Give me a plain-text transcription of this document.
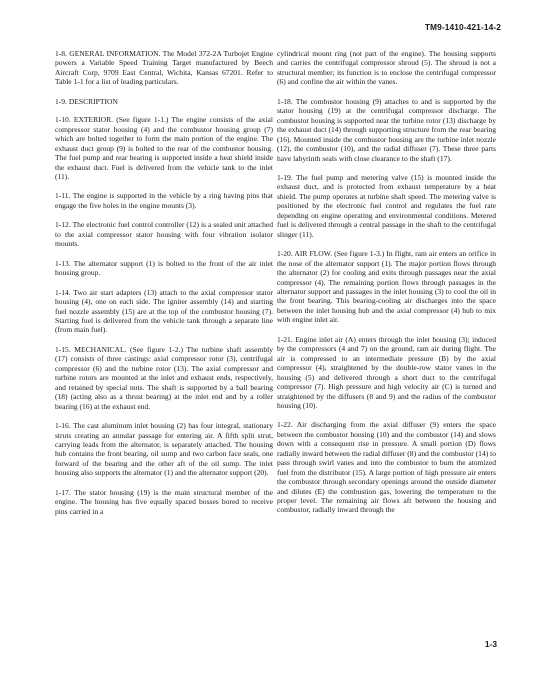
TM9-1410-421-14-2

1-8. GENERAL INFORMATION. The Model 372-2A Turbojet Engine powers a Variable Speed Training Target manufactured by Beech Aircraft Corp, 9709 East Central, Wichita, Kansas 67201. Refer to Table 1-1 for a list of leading particulars.

1-9. DESCRIPTION

1-10. EXTERIOR. (See figure 1-1.) The engine consists of the axial compressor stator housing (4) and the combustor housing group (7) which are bolted together to form the main portion of the engine. The exhaust duct group (9) is bolted to the rear of the combustor housing. The fuel pump and rear bearing is supported inside a heat shield inside the exhaust duct. Fuel is delivered from the vehicle tank to the inlet (11).

1-11. The engine is supported in the vehicle by a ring having pins that engage the five holes in the engine mounts (3).

1-12. The electronic fuel control controller (12) is a sealed unit attached to the axial compressor stator housing with four vibration isolator mounts.

1-13. The alternator support (1) is bolted to the front of the air inlet housing group.

1-14. Two air start adapters (13) attach to the axial compressor stator housing (4), one on each side. The igniter assembly (14) and starting fuel nozzle assembly (15) are at the top of the combustor housing (7). Starting fuel is delivered from the vehicle tank through a separate line (from main fuel).

1-15. MECHANICAL. (See figure 1-2.) The turbine shaft assembly (17) consists of three castings: axial compressor rotor (3), centrifugal compressor (6) and the turbine rotor (13). The axial compressor and turbine rotors are mounted at the inlet and exhaust ends, respectively, and retained by special nuts. The shaft is supported by a ball bearing (18) (acting also as a thrust bearing) at the inlet end and by a roller bearing (16) at the exhaust end.

1-16. The cast aluminum inlet housing (2) has four integral, stationary struts creating an annular passage for entering air. A fifth split strut, carrying leads from the alternator, is separately attached. The housing hub contains the front bearing, oil sump and two carbon face seals, one forward of the bearing and the other aft of the oil sump. The inlet housing also supports the alternator (1) and the alternator support (20).

1-17. The stator housing (19) is the main structural member of the engine. The housing has five equally spaced bosses bored to receive pins carried in a

cylindrical mount ring (not part of the engine). The housing supports and carries the centrifugal compressor shroud (5). The shroud is not a structural member; its function is to enclose the centrifugal compressor (6) and confine the air within the vanes.

1-18. The combustor housing (9) attaches to and is supported by the stator housing (19) at the centrifugal compressor discharge. The combustor housing is supported near the turbine rotor (13) discharge by the exhaust duct (14) through supporting structure from the rear bearing (16). Mounted inside the combustor housing are the turbine inlet nozzle (12), the combustor (10), and the radial diffuser (7). These three parts have labyrinth seals with close clearance to the shaft (17).

1-19. The fuel pump and metering valve (15) is mounted inside the exhaust duct, and is protected from exhaust temperature by a heat shield. The pump operates at turbine shaft speed. The metering valve is positioned by the electronic fuel control and regulates the fuel rate depending on engine operating and environmental conditions. Metered fuel is delivered through a central passage in the shaft to the centrifugal slinger (11).

1-20. AIR FLOW. (See figure 1-3.) In flight, ram air enters an orifice in the nose of the alternator support (1). The major portion flows through the alternator (2) for cooling and exits through passages near the axial compressor (4). The remaining portion flows through passages in the alternator support and passages in the inlet housing (3) to cool the oil in the front bearing. This bearing-cooling air discharges into the space between the inlet housing hub and the axial compressor (4) hub to mix with engine inlet air.

1-21. Engine inlet air (A) enters through the inlet housing (3); induced by the compressors (4 and 7) on the ground, ram air during flight. The air is compressed to an intermediate pressure (B) by the axial compressor (4), straightened by the double-row stator vanes in the housing (5) and delivered through a short duct to the centrifugal compressor (7). High pressure and high velocity air (C) is turned and straightened by the diffusers (8 and 9) and the radius of the combustor housing (10).

1-22. Air discharging from the axial diffuser (9) enters the space between the combustor housing (10) and the combustor (14) and slows down with a consequent rise in pressure. A small portion (D) flows radially inward between the radial diffuser (8) and the combustor (14) to pass through swirl vanes and into the combustor to burn the atomized fuel from the distributor (15). A large portion of high pressure air enters the combustor through secondary openings around the outside diameter and dilutes (E) the combustion gas, lowering the temperature to the proper level. The remaining air flows aft between the housing and combustor, radially inward through the

1-3
